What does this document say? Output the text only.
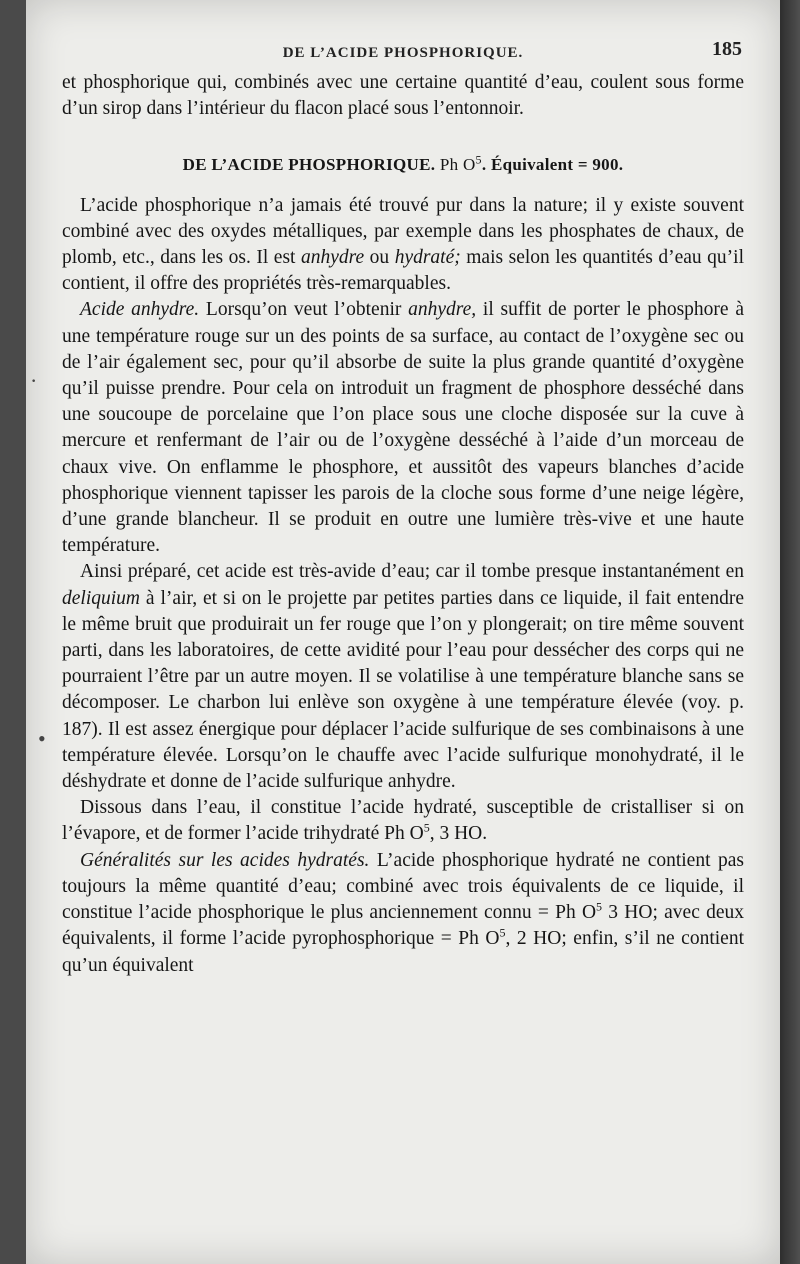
DE L’ACIDE PHOSPHORIQUE.	185

et phosphorique qui, combinés avec une certaine quantité d’eau, coulent sous forme d’un sirop dans l’intérieur du flacon placé sous l’entonnoir.

DE L’ACIDE PHOSPHORIQUE. Ph $O^5$. Équivalent = 900.

L’acide phosphorique n’a jamais été trouvé pur dans la nature; il y existe souvent combiné avec des oxydes métalliques, par exemple dans les phosphates de chaux, de plomb, etc., dans les os. Il est anhydre ou hydraté; mais selon les quantités d’eau qu’il contient, il offre des propriétés très-remarquables.

Acide anhydre. Lorsqu’on veut l’obtenir anhydre, il suffit de porter le phosphore à une température rouge sur un des points de sa surface, au contact de l’oxygène sec ou de l’air également sec, pour qu’il absorbe de suite la plus grande quantité d’oxygène qu’il puisse prendre. Pour cela on introduit un fragment de phosphore desséché dans une soucoupe de porcelaine que l’on place sous une cloche disposée sur la cuve à mercure et renfermant de l’air ou de l’oxygène desséché à l’aide d’un morceau de chaux vive. On enflamme le phosphore, et aussitôt des vapeurs blanches d’acide phosphorique viennent tapisser les parois de la cloche sous forme d’une neige légère, d’une grande blancheur. Il se produit en outre une lumière très-vive et une haute température.

Ainsi préparé, cet acide est très-avide d’eau; car il tombe presque instantanément en deliquium à l’air, et si on le projette par petites parties dans ce liquide, il fait entendre le même bruit que produirait un fer rouge que l’on y plongerait; on tire même souvent parti, dans les laboratoires, de cette avidité pour l’eau pour dessécher des corps qui ne pourraient l’être par un autre moyen. Il se volatilise à une température blanche sans se décomposer. Le charbon lui enlève son oxygène à une température élevée (voy. p. 187). Il est assez énergique pour déplacer l’acide sulfurique de ses combinaisons à une température élevée. Lorsqu’on le chauffe avec l’acide sulfurique monohydraté, il le déshydrate et donne de l’acide sulfurique anhydre.

Dissous dans l’eau, il constitue l’acide hydraté, susceptible de cristalliser si on l’évapore, et de former l’acide trihydraté Ph $O^5$, 3 HO.

Généralités sur les acides hydratés. L’acide phosphorique hydraté ne contient pas toujours la même quantité d’eau; combiné avec trois équivalents de ce liquide, il constitue l’acide phosphorique le plus anciennement connu = Ph $O^5$ 3 HO; avec deux équivalents, il forme l’acide pyrophosphorique = Ph $O^5$, 2 HO; enfin, s’il ne contient qu’un équivalent

•
·
